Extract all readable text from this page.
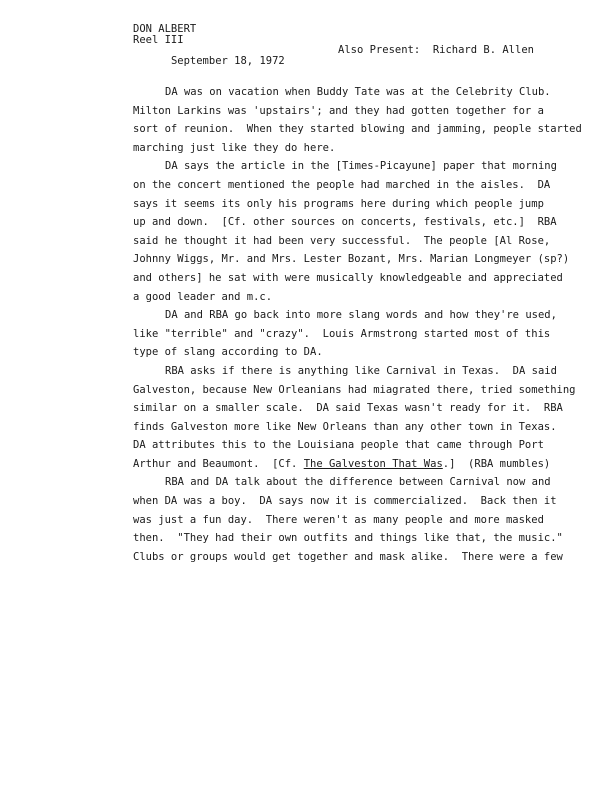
DON ALBERT
Reel III

September 18, 1972

Also Present:  Richard B. Allen

DA was on vacation when Buddy Tate was at the Celebrity Club.
Milton Larkins was 'upstairs'; and they had gotten together for a
sort of reunion.  When they started blowing and jamming, people started
marching just like they do here.
DA says the article in the [Times-Picayune] paper that morning
on the concert mentioned the people had marched in the aisles.  DA
says it seems its only his programs here during which people jump
up and down.  [Cf. other sources on concerts, festivals, etc.]  RBA
said he thought it had been very successful.  The people [Al Rose,
Johnny Wiggs, Mr. and Mrs. Lester Bozant, Mrs. Marian Longmeyer (sp?)
and others] he sat with were musically knowledgeable and appreciated
a good leader and m.c.
DA and RBA go back into more slang words and how they're used,
like "terrible" and "crazy".  Louis Armstrong started most of this
type of slang according to DA.
RBA asks if there is anything like Carnival in Texas.  DA said
Galveston, because New Orleanians had miagrated there, tried something
similar on a smaller scale.  DA said Texas wasn't ready for it.  RBA
finds Galveston more like New Orleans than any other town in Texas.
DA attributes this to the Louisiana people that came through Port
Arthur and Beaumont.  [Cf. The Galveston That Was.]  (RBA mumbles)
RBA and DA talk about the difference between Carnival now and
when DA was a boy.  DA says now it is commercialized.  Back then it
was just a fun day.  There weren't as many people and more masked
then.  "They had their own outfits and things like that, the music."
Clubs or groups would get together and mask alike.  There were a few
